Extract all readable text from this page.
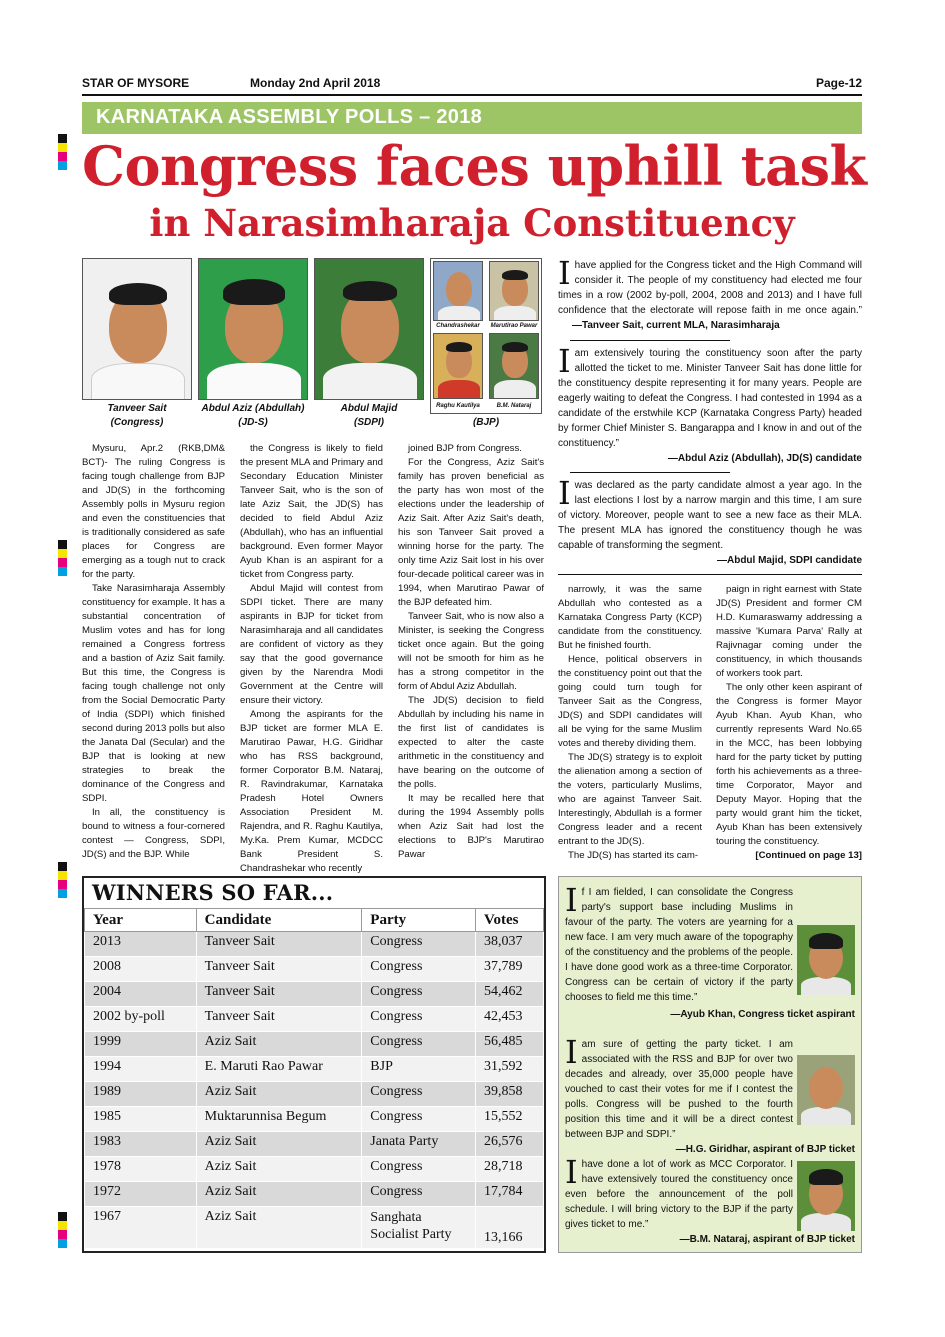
STAR OF MYSORE	Monday 2nd April 2018	Page-12
KARNATAKA ASSEMBLY POLLS – 2018
Congress faces uphill task
in Narasimharaja Constituency
Tanveer Sait
(Congress)
Abdul Aziz (Abdullah)
(JD-S)
Abdul Majid
(SDPI)
Chandrashekar	Marutirao Pawar
Raghu Kautilya	B.M. Nataraj
(BJP)

Mysuru, Apr.2 (RKB,DM& BCT)- The ruling Congress is facing tough challenge from BJP and JD(S) in the forthcoming Assembly polls in Mysuru region and even the constituencies that is traditionally considered as safe places for Congress are emerging as a tough nut to crack for the party.

Take Narasimharaja Assembly constituency for example. It has a substantial concentration of Muslim votes and has for long remained a Congress fortress and a bastion of Aziz Sait family. But this time, the Congress is facing tough challenge not only from the Social Democratic Party of India (SDPI) which finished second during 2013 polls but also the Janata Dal (Secular) and the BJP that is looking at new strategies to break the dominance of the Congress and SDPI.

In all, the constituency is bound to witness a four-cornered contest — Congress, SDPI, JD(S) and the BJP. While

the Congress is likely to field the present MLA and Primary and Secondary Education Minister Tanveer Sait, who is the son of late Aziz Sait, the JD(S) has decided to field Abdul Aziz (Abdullah), who has an influential background. Even former Mayor Ayub Khan is an aspirant for a ticket from Congress party.

Abdul Majid will contest from SDPI ticket. There are many aspirants in BJP for ticket from Narasimharaja and all candidates are confident of victory as they say that the good governance given by the Narendra Modi Government at the Centre will ensure their victory.

Among the aspirants for the BJP ticket are former MLA E. Marutirao Pawar, H.G. Giridhar who has RSS background, former Corporator B.M. Nataraj, R. Ravindrakumar, Karnataka Pradesh Hotel Owners Association President M. Rajendra, and R. Raghu Kautilya, My.Ka. Prem Kumar, MCDCC Bank President S. Chandrashekar who recently

joined BJP from Congress.

For the Congress, Aziz Sait's family has proven beneficial as the party has won most of the elections under the leadership of Aziz Sait. After Aziz Sait's death, his son Tanveer Sait proved a winning horse for the party. The only time Aziz Sait lost in his over four-decade political career was in 1994, when Marutirao Pawar of the BJP defeated him.

Tanveer Sait, who is now also a Minister, is seeking the Congress ticket once again. But the going will not be smooth for him as he has a strong competitor in the form of Abdul Aziz Abdullah.

The JD(S) decision to field Abdullah by including his name in the first list of candidates is expected to alter the caste arithmetic in the constituency and have bearing on the outcome of the polls.

It may be recalled here that during the 1994 Assembly polls when Aziz Sait had lost the elections to BJP's Marutirao Pawar

narrowly, it was the same Abdullah who contested as a Karnataka Congress Party (KCP) candidate from the constituency. But he finished fourth.

Hence, political observers in the constituency point out that the going could turn tough for Tanveer Sait as the Congress, JD(S) and SDPI candidates will all be vying for the same Muslim votes and thereby dividing them.

The JD(S) strategy is to exploit the alienation among a section of the voters, particularly Muslims, who are against Tanveer Sait. Interestingly, Abdullah is a former Congress leader and a recent entrant to the JD(S).

The JD(S) has started its cam-

paign in right earnest with State JD(S) President and former CM H.D. Kumaraswamy addressing a massive 'Kumara Parva' Rally at Rajivnagar coming under the constituency, in which thousands of workers took part.

The only other keen aspirant of the Congress is former Mayor Ayub Khan. Ayub Khan, who currently represents Ward No.65 in the MCC, has been lobbying hard for the party ticket by putting forth his achievements as a three-time Corporator, Mayor and Deputy Mayor. Hoping that the party would grant him the ticket, Ayub Khan has been extensively touring the constituency.

[Continued on page 13]
Ihave applied for the Congress ticket and the High Command will consider it. The people of my constituency had elected me four times in a row (2002 by-poll, 2004, 2008 and 2013) and I have full confidence that the electorate will repose faith in me once again.” —Tanveer Sait, current MLA, Narasimharaja
Iam extensively touring the constituency soon after the party allotted the ticket to me. Minister Tanveer Sait has done little for the constituency despite representing it for many years. People are eagerly waiting to defeat the Congress. I had contested in 1994 as a candidate of the erstwhile KCP (Karnataka Congress Party) headed by former Chief Minister S. Bangarappa and I know in and out of the constituency.”
—Abdul Aziz (Abdullah), JD(S) candidate
Iwas declared as the party candidate almost a year ago. In the last elections I lost by a narrow margin and this time, I am sure of victory. Moreover, people want to see a new face as their MLA. The present MLA has ignored the constituency though he was capable of transforming the segment.
—Abdul Majid, SDPI candidate
WINNERS SO FAR...
Year	Candidate	Party	Votes
2013	Tanveer Sait	Congress	38,037
2008	Tanveer Sait	Congress	37,789
2004	Tanveer Sait	Congress	54,462
2002 by-poll	Tanveer Sait	Congress	42,453
1999	Aziz Sait	Congress	56,485
1994	E. Maruti Rao Pawar	BJP	31,592
1989	Aziz Sait	Congress	39,858
1985	Muktarunnisa Begum	Congress	15,552
1983	Aziz Sait	Janata Party	26,576
1978	Aziz Sait	Congress	28,718
1972	Aziz Sait	Congress	17,784
1967	Aziz Sait	Sanghata Socialist Party	13,166
If I am fielded, I can consolidate the Congress party's support base including Muslims in favour of the party. The voters are yearning for a new face. I am very much aware of the topography of the constituency and the problems of the people. I have done good work as a three-time Corporator. Congress can be certain of victory if the party chooses to field me this time.”
—Ayub Khan, Congress ticket aspirant
Iam sure of getting the party ticket. I am associated with the RSS and BJP for over two decades and already, over 35,000 people have vouched to cast their votes for me if I contest the polls. Congress will be pushed to the fourth position this time and it will be a direct contest between BJP and SDPI.”
—H.G. Giridhar, aspirant of BJP ticket
Ihave done a lot of work as MCC Corporator. I have extensively toured the constituency once even before the announcement of the poll schedule. I will bring victory to the BJP if the party gives ticket to me.”
—B.M. Nataraj, aspirant of BJP ticket
